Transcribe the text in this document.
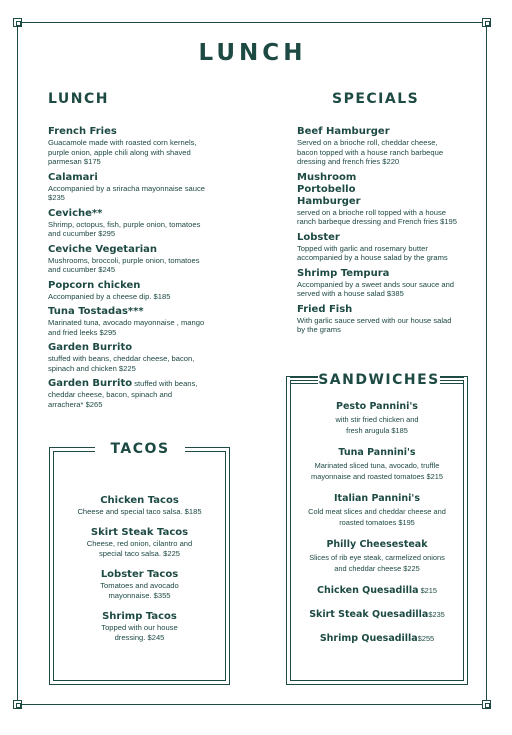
LUNCH
LUNCH
French Fries
Guacamole made with roasted corn kernels, purple onion, apple chili along with shaved parmesan $175
Calamari
Accompanied by a sriracha mayonnaise sauce $235
Ceviche**
Shrimp, octopus, fish, purple onion, tomatoes and cucumber $295
Ceviche Vegetarian
Mushrooms, broccoli, purple onion, tomatoes and cucumber $245
Popcorn chicken
Accompanied by a cheese dip. $185
Tuna Tostadas***
Marinated tuna, avocado mayonnaise , mango and fried leeks $295
Garden Burrito
stuffed with beans, cheddar cheese, bacon, spinach and chicken $225
Garden Burrito stuffed with beans,
cheddar cheese, bacon, spinach and arrachera* $265
SPECIALS
Beef Hamburger
Served on a brioche roll, cheddar cheese, bacon topped with a house ranch barbeque dressing and french fries $220
Mushroom Portobello Hamburger
served on a brioche roll topped with a house ranch barbeque dressing and French fries $195
Lobster
Topped with garlic and rosemary butter accompanied by a house salad by the grams
Shrimp Tempura
Accompanied by a sweet ands sour sauce and served with a house salad $385
Fried Fish
With garlic sauce served with our house salad by the grams
TACOS
Chicken Tacos
Cheese and special taco salsa. $185
Skirt Steak Tacos
Cheese, red onion, cilantro and special taco salsa. $225
Lobster Tacos
Tomatoes and avocado mayonnaise. $355
Shrimp Tacos
Topped with our house dressing. $245
SANDWICHES
Pesto Pannini's
with stir fried chicken and fresh arugula $185
Tuna Pannini's
Marinated sliced tuna, avocado, truffle mayonnaise and roasted tomatoes $215
Italian Pannini's
Cold meat slices and cheddar cheese and roasted tomatoes $195
Philly Cheesesteak
Slices of rib eye steak, carmelized onions and cheddar cheese $225
Chicken Quesadilla $215
Skirt Steak Quesadilla$235
Shrimp Quesadilla$255
